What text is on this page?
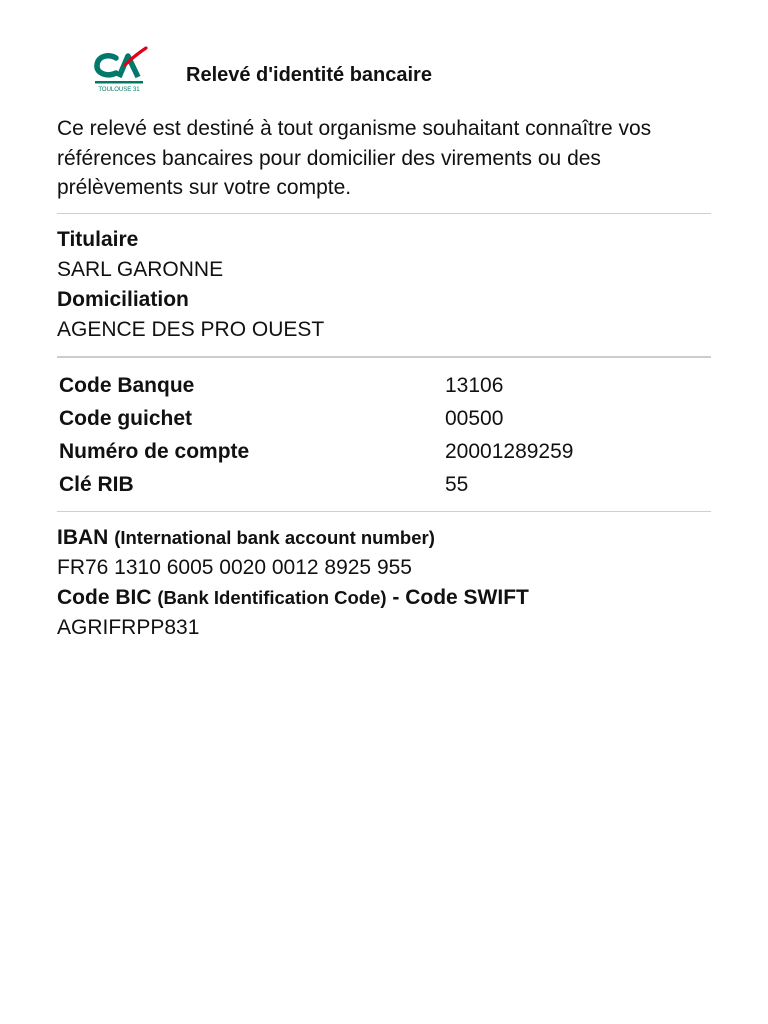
TOULOUSE 31
Relevé d'identité bancaire
Ce relevé est destiné à tout organisme souhaitant connaître vos références bancaires pour domicilier des virements ou des prélèvements sur votre compte.
Titulaire
SARL GARONNE
Domiciliation
AGENCE DES PRO OUEST
Code Banque	13106
Code guichet	00500
Numéro de compte	20001289259
Clé RIB	55
IBAN (International bank account number)
FR76 1310 6005 0020 0012 8925 955
Code BIC (Bank Identification Code) - Code SWIFT
AGRIFRPP831
